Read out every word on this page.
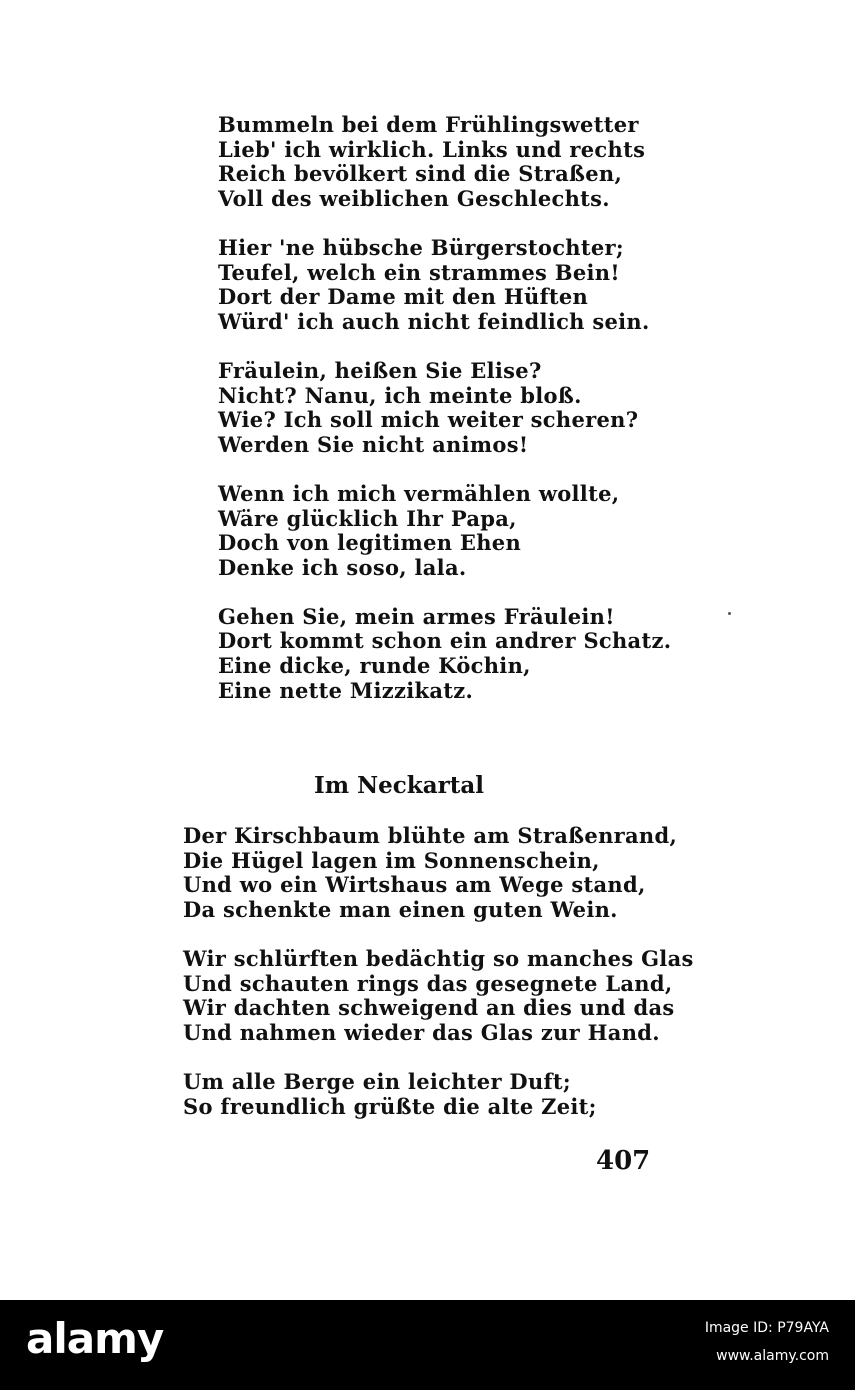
Bummeln bei dem Frühlingswetter
Lieb' ich wirklich. Links und rechts
Reich bevölkert sind die Straßen,
Voll des weiblichen Geschlechts.
Hier 'ne hübsche Bürgerstochter;
Teufel, welch ein strammes Bein!
Dort der Dame mit den Hüften
Würd' ich auch nicht feindlich sein.
Fräulein, heißen Sie Elise?
Nicht? Nanu, ich meinte bloß.
Wie? Ich soll mich weiter scheren?
Werden Sie nicht animos!
Wenn ich mich vermählen wollte,
Wäre glücklich Ihr Papa,
Doch von legitimen Ehen
Denke ich soso, lala.
Gehen Sie, mein armes Fräulein!
Dort kommt schon ein andrer Schatz.
Eine dicke, runde Köchin,
Eine nette Mizzikatz.
Im Neckartal
Der Kirschbaum blühte am Straßenrand,
Die Hügel lagen im Sonnenschein,
Und wo ein Wirtshaus am Wege stand,
Da schenkte man einen guten Wein.
Wir schlürften bedächtig so manches Glas
Und schauten rings das gesegnete Land,
Wir dachten schweigend an dies und das
Und nahmen wieder das Glas zur Hand.
Um alle Berge ein leichter Duft;
So freundlich grüßte die alte Zeit;
407
alamy	Image ID: P79AYA
www.alamy.com
